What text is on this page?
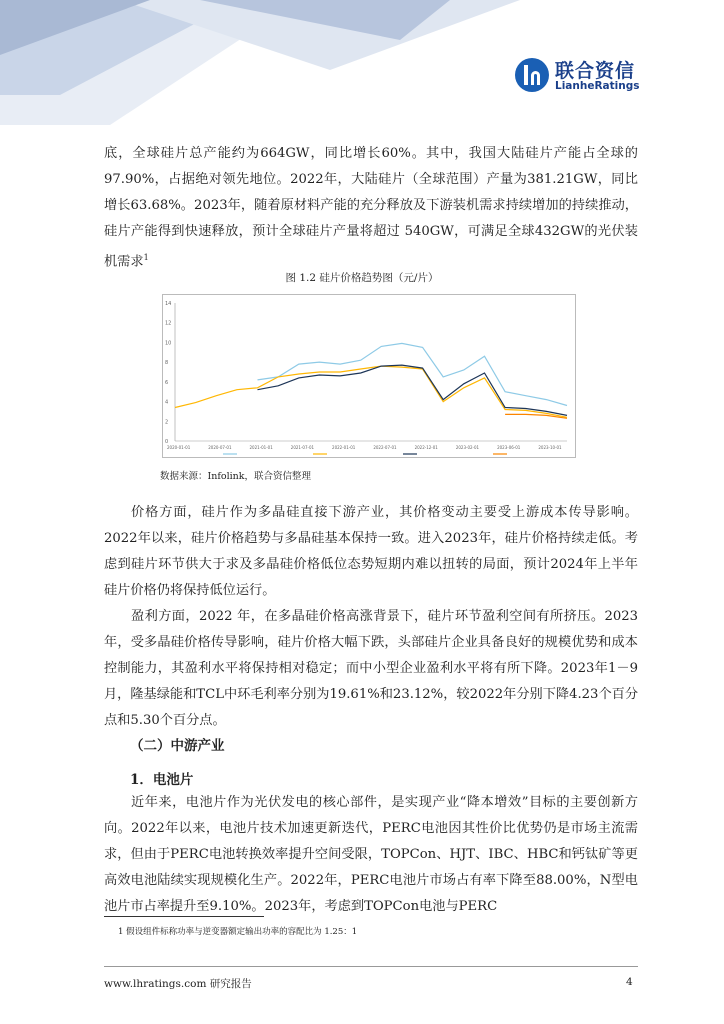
联合资信
LianheRatings

底，全球硅片总产能约为664GW，同比增长60%。其中，我国大陆硅片产能占全球的97.90%，占据绝对领先地位。2022年，大陆硅片（全球范围）产量为381.21GW，同比增长63.68%。2023年，随着原材料产能的充分释放及下游装机需求持续增加的持续推动，硅片产能得到快速释放，预计全球硅片产量将超过 540GW，可满足全球432GW的光伏装机需求$^1$

图 1.2 硅片价格趋势图（元/片）
14
12
10
8
6
4
2
0
2020-01-01	2020-07-01	2021-01-01	2021-07-01	2022-01-01	2022-07-01	2022-12-01	2023-02-01	2023-06-01	2023-10-01
数据来源：Infolink，联合资信整理

价格方面，硅片作为多晶硅直接下游产业，其价格变动主要受上游成本传导影响。2022年以来，硅片价格趋势与多晶硅基本保持一致。进入2023年，硅片价格持续走低。考虑到硅片环节供大于求及多晶硅价格低位态势短期内难以扭转的局面，预计2024年上半年硅片价格仍将保持低位运行。

盈利方面，2022 年，在多晶硅价格高涨背景下，硅片环节盈利空间有所挤压。2023年，受多晶硅价格传导影响，硅片价格大幅下跌，头部硅片企业具备良好的规模优势和成本控制能力，其盈利水平将保持相对稳定；而中小型企业盈利水平将有所下降。2023年1－9月，隆基绿能和TCL中环毛利率分别为19.61%和23.12%，较2022年分别下降4.23个百分点和5.30个百分点。

（二）中游产业
1．电池片
近年来，电池片作为光伏发电的核心部件，是实现产业“降本增效”目标的主要创新方向。2022年以来，电池片技术加速更新迭代，PERC电池因其性价比优势仍是市场主流需求，但由于PERC电池转换效率提升空间受限，TOPCon、HJT、IBC、HBC和钙钛矿等更高效电池陆续实现规模化生产。2022年，PERC电池片市场占有率下降至88.00%，N型电池片市占率提升至9.10%。2023年，考虑到TOPCon电池与PERC
1 假设组件标称功率与逆变器额定输出功率的容配比为 1.25：1
www.lhratings.com 研究报告	4
